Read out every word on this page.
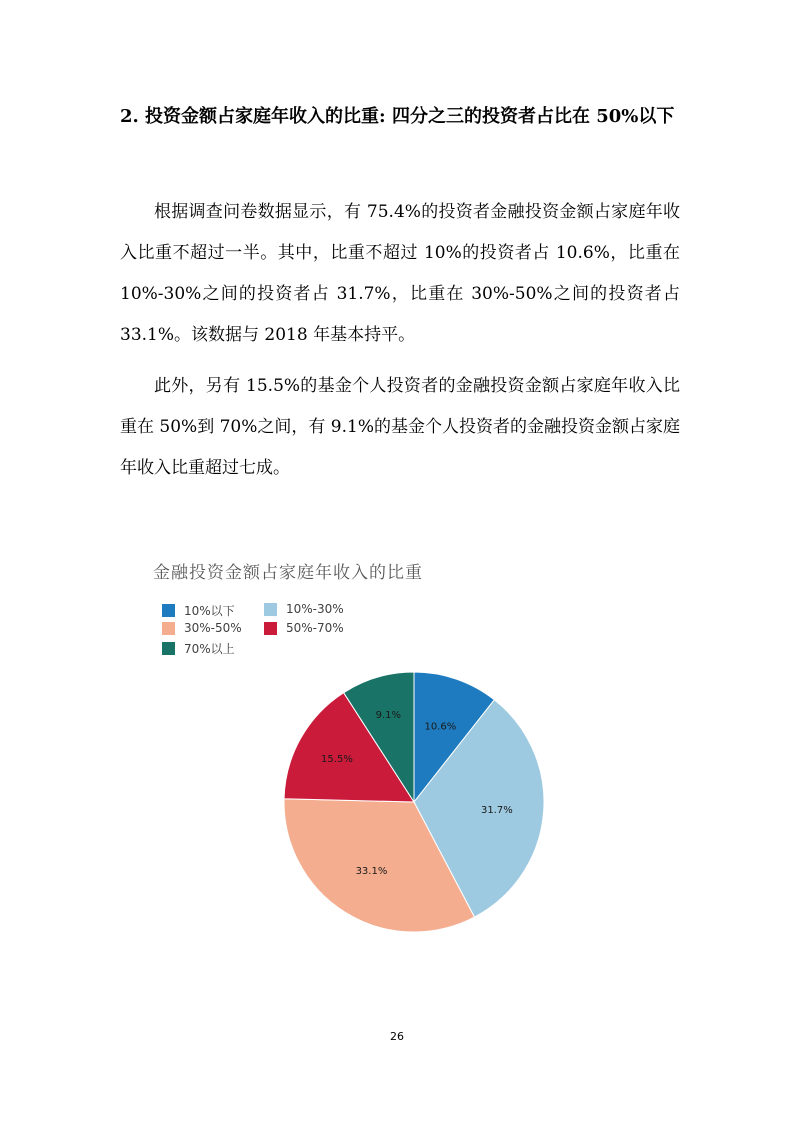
2. 投资金额占家庭年收入的比重: 四分之三的投资者占比在 50%以下

根据调查问卷数据显示，有 75.4%的投资者金融投资金额占家庭年收入比重不超过一半。其中，比重不超过 10%的投资者占 10.6%，比重在 10%-30%之间的投资者占 31.7%，比重在 30%-50%之间的投资者占 33.1%。该数据与 2018 年基本持平。

此外，另有 15.5%的基金个人投资者的金融投资金额占家庭年收入比重在 50%到 70%之间，有 9.1%的基金个人投资者的金融投资金额占家庭年收入比重超过七成。

金融投资金额占家庭年收入的比重
10%以下	10%-30%
30%-50%	50%-70%
70%以上
10.6%
31.7%
33.1%
15.5%
9.1%
26
